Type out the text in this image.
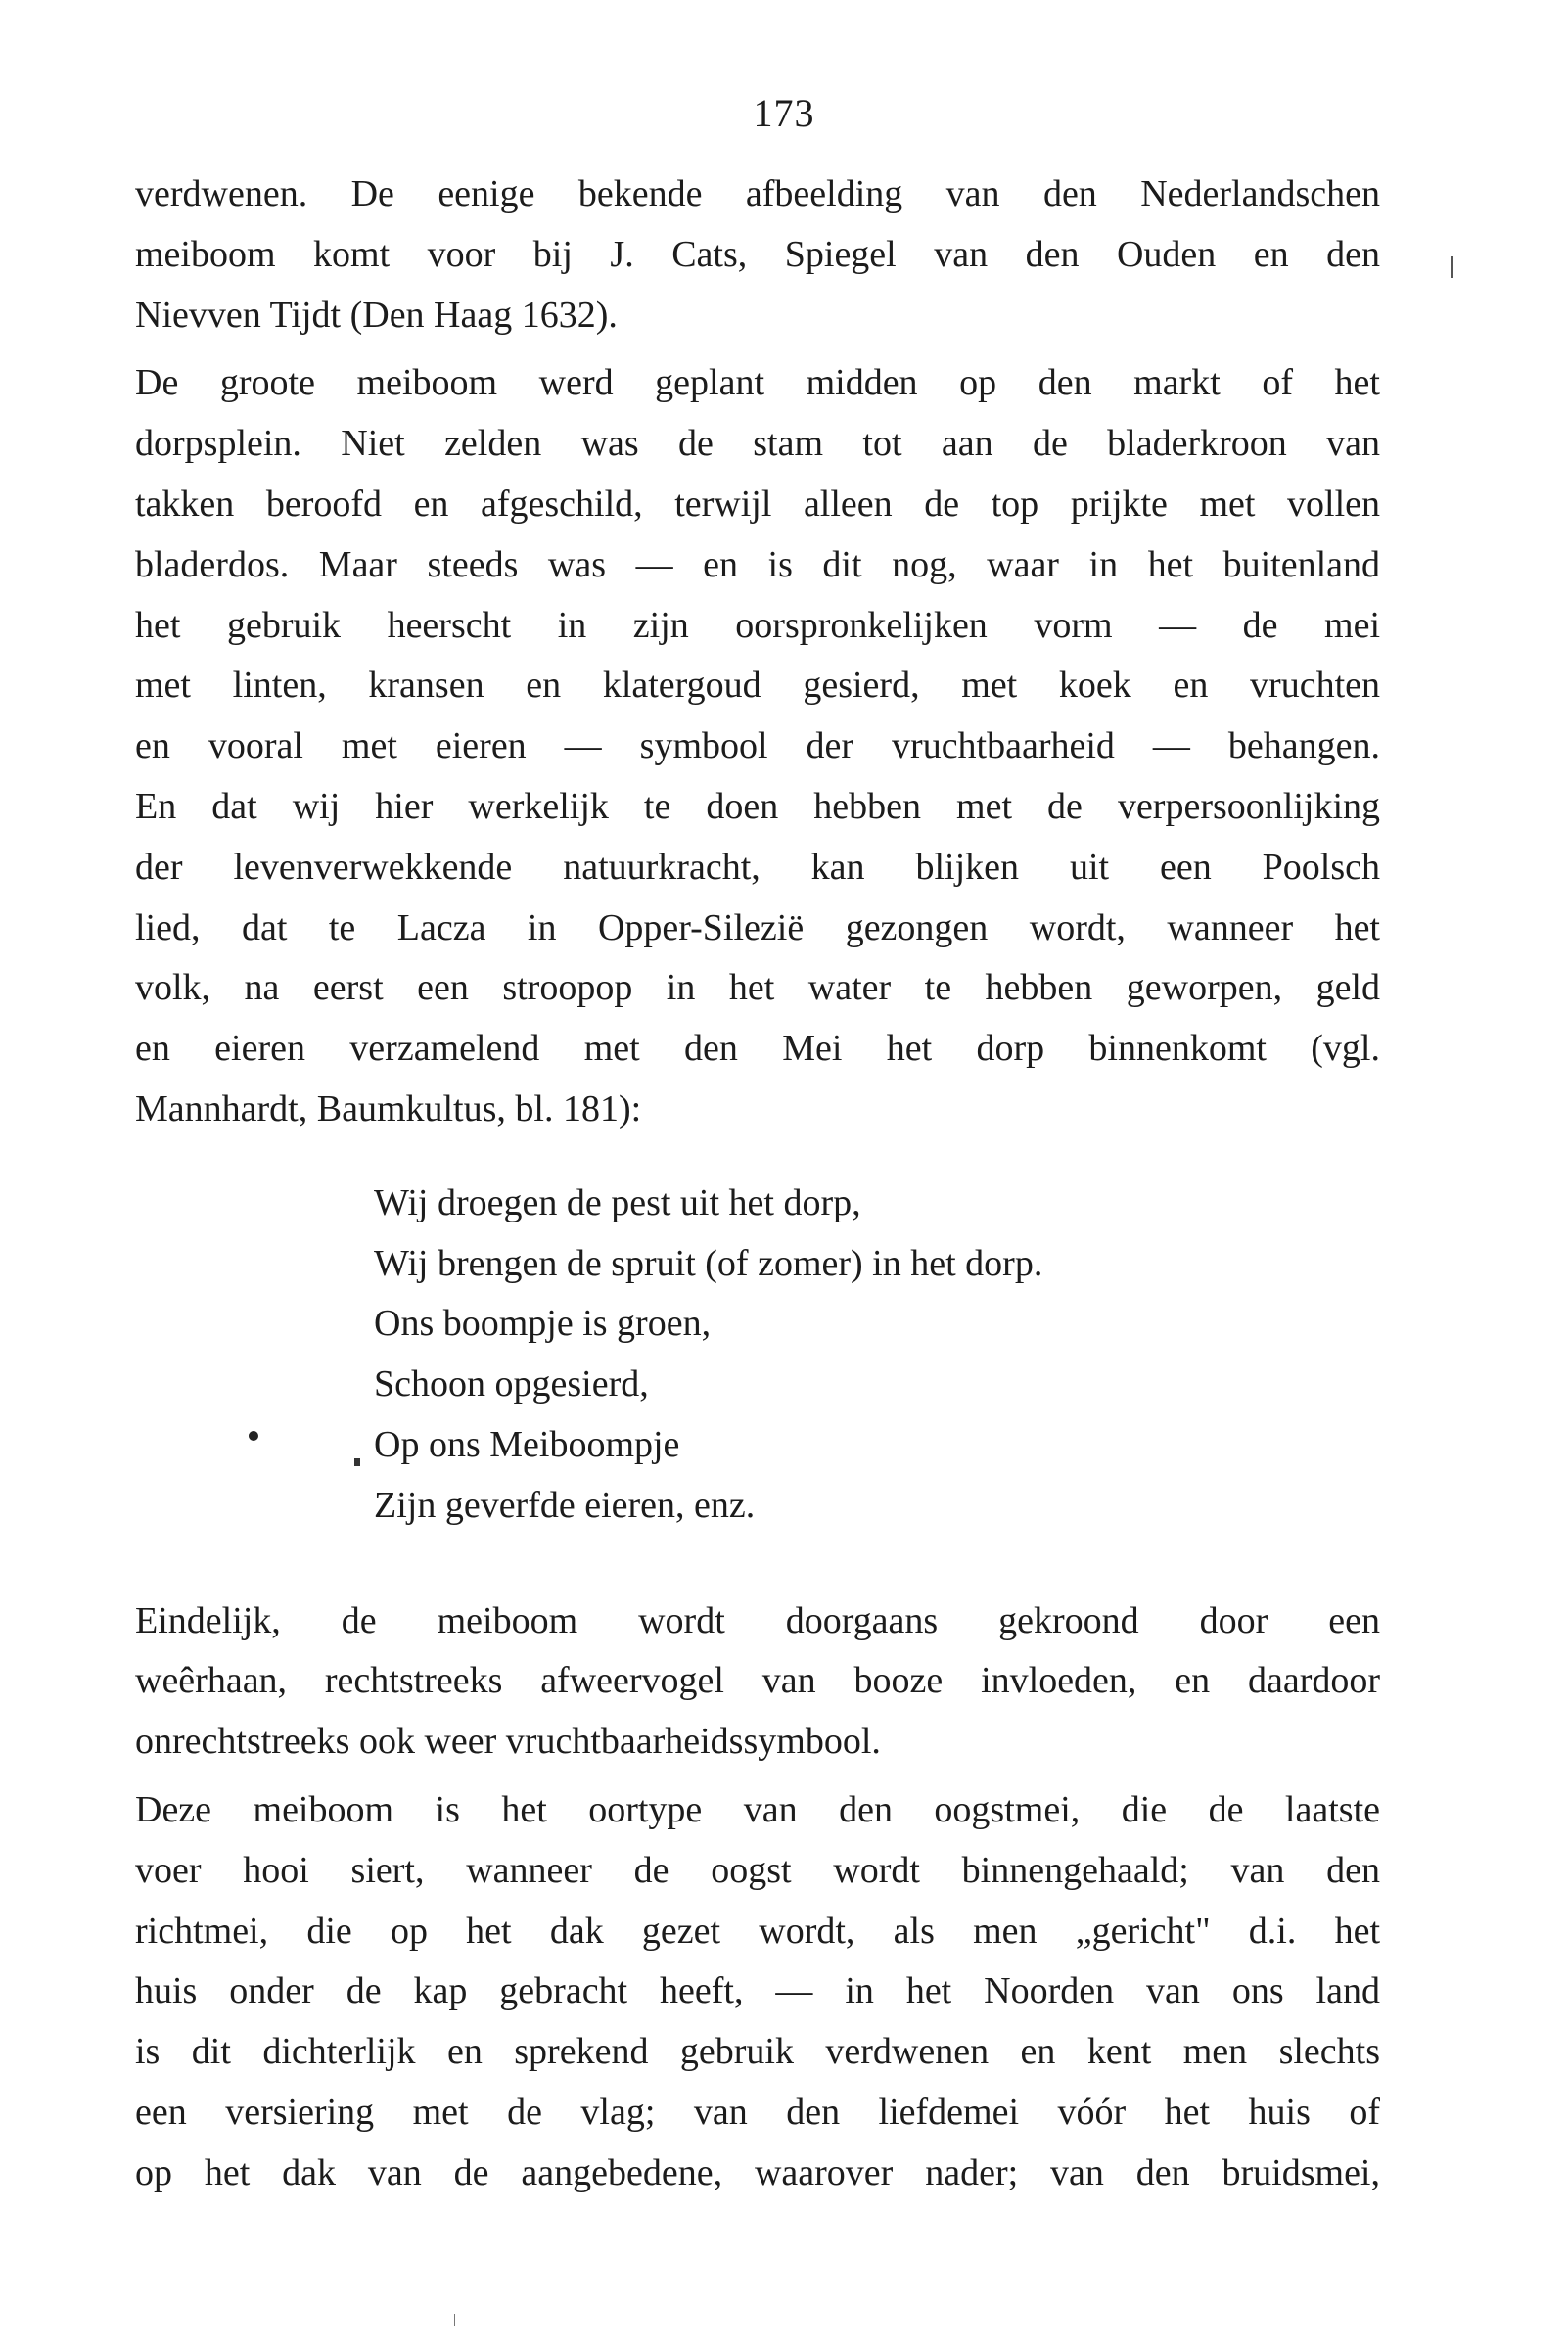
173
verdwenen. De eenige bekende afbeelding van den Nederlandschen
meiboom komt voor bij J. Cats, Spiegel van den Ouden en den
Nievven Tijdt (Den Haag 1632).
De groote meiboom werd geplant midden op den markt of het
dorpsplein. Niet zelden was de stam tot aan de bladerkroon van
takken beroofd en afgeschild, terwijl alleen de top prijkte met vollen
bladerdos. Maar steeds was — en is dit nog, waar in het buitenland
het gebruik heerscht in zijn oorspronkelijken vorm — de mei
met linten, kransen en klatergoud gesierd, met koek en vruchten
en vooral met eieren — symbool der vruchtbaarheid — behangen.
En dat wij hier werkelijk te doen hebben met de verpersoonlijking
der levenverwekkende natuurkracht, kan blijken uit een Poolsch
lied, dat te Lacza in Opper-Silezië gezongen wordt, wanneer het
volk, na eerst een stroopop in het water te hebben geworpen, geld
en eieren verzamelend met den Mei het dorp binnenkomt (vgl.
Mannhardt, Baumkultus, bl. 181):
Wij droegen de pest uit het dorp,
Wij brengen de spruit (of zomer) in het dorp.
Ons boompje is groen,
Schoon opgesierd,
Op ons Meiboompje
Zijn geverfde eieren, enz.
Eindelijk, de meiboom wordt doorgaans gekroond door een
weêrhaan, rechtstreeks afweervogel van booze invloeden, en daardoor
onrechtstreeks ook weer vruchtbaarheidssymbool.
Deze meiboom is het oortype van den oogstmei, die de laatste
voer hooi siert, wanneer de oogst wordt binnengehaald; van den
richtmei, die op het dak gezet wordt, als men „gericht" d.i. het
huis onder de kap gebracht heeft, — in het Noorden van ons land
is dit dichterlijk en sprekend gebruik verdwenen en kent men slechts
een versiering met de vlag; van den liefdemei vóór het huis of
op het dak van de aangebedene, waarover nader; van den bruidsmei,
